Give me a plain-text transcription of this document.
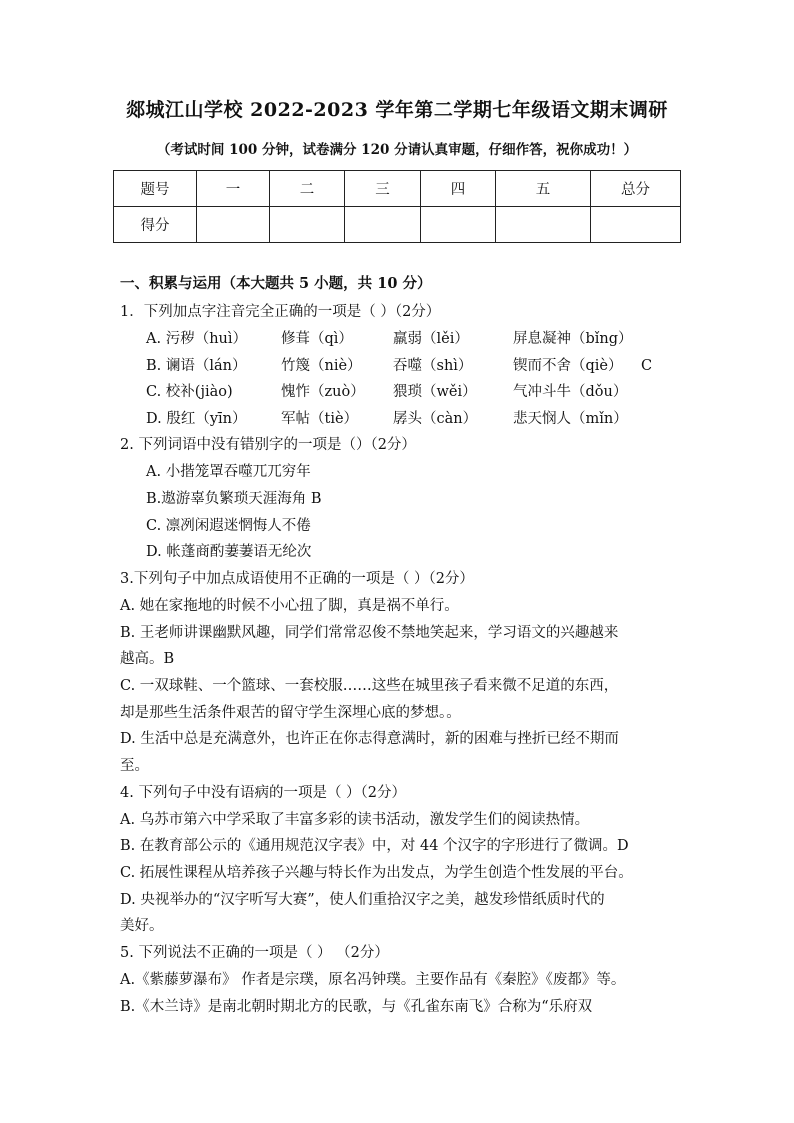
郯城江山学校 2022-2023 学年第二学期七年级语文期末调研
（考试时间 100 分钟，试卷满分 120 分请认真审题，仔细作答，祝你成功！）
题号	一	二	三	四	五	总分
得分						
一、积累与运用（本大题共 5 小题，共 10 分）
1．下列加点字注音完全正确的一项是（ ）（2分）
A. 污秽（huì） 修葺（qì）	羸弱（lěi）	屏息凝神（bǐng）
B. 谰语（lán） 竹篾（niè） 吞噬（shì）	锲而不舍（qiè） C
C. 校补(jiào)	愧怍（zuò） 猥琐（wěi）	气冲斗牛（dǒu）
D. 殷红（yīn） 军帖（tiè） 孱头（càn） 悲天悯人（mǐn）
2. 下列词语中没有错别字的一项是（）（2分）
A. 小揩笼罩吞噬兀兀穷年
B.遨游辜负繁琐天涯海角 B
C. 凛冽闲遐迷惘悔人不倦
D. 帐蓬商酌萋萋语无纶次
3.下列句子中加点成语使用不正确的一项是（ ）（2分）
A. 她在家拖地的时候不小心扭了脚，真是祸不单行。
B. 王老师讲课幽默风趣，同学们常常忍俊不禁地笑起来，学习语文的兴趣越来
越高。B
C. 一双球鞋、一个篮球、一套校服……这些在城里孩子看来微不足道的东西，
却是那些生活条件艰苦的留守学生深埋心底的梦想。。
D. 生活中总是充满意外，也许正在你志得意满时，新的困难与挫折已经不期而
至。
4. 下列句子中没有语病的一项是（ ）（2分）
A. 乌苏市第六中学采取了丰富多彩的读书活动，激发学生们的阅读热情。
B. 在教育部公示的《通用规范汉字表》中，对 44 个汉字的字形进行了微调。D
C. 拓展性课程从培养孩子兴趣与特长作为出发点，为学生创造个性发展的平台。
D. 央视举办的“汉字听写大赛”，使人们重拾汉字之美，越发珍惜纸质时代的
美好。
5. 下列说法不正确的一项是（ ） （2分）
A.《紫藤萝瀑布》 作者是宗璞，原名冯钟璞。主要作品有《秦腔》《废都》等。
B.《木兰诗》是南北朝时期北方的民歌，与《孔雀东南飞》合称为“乐府双
